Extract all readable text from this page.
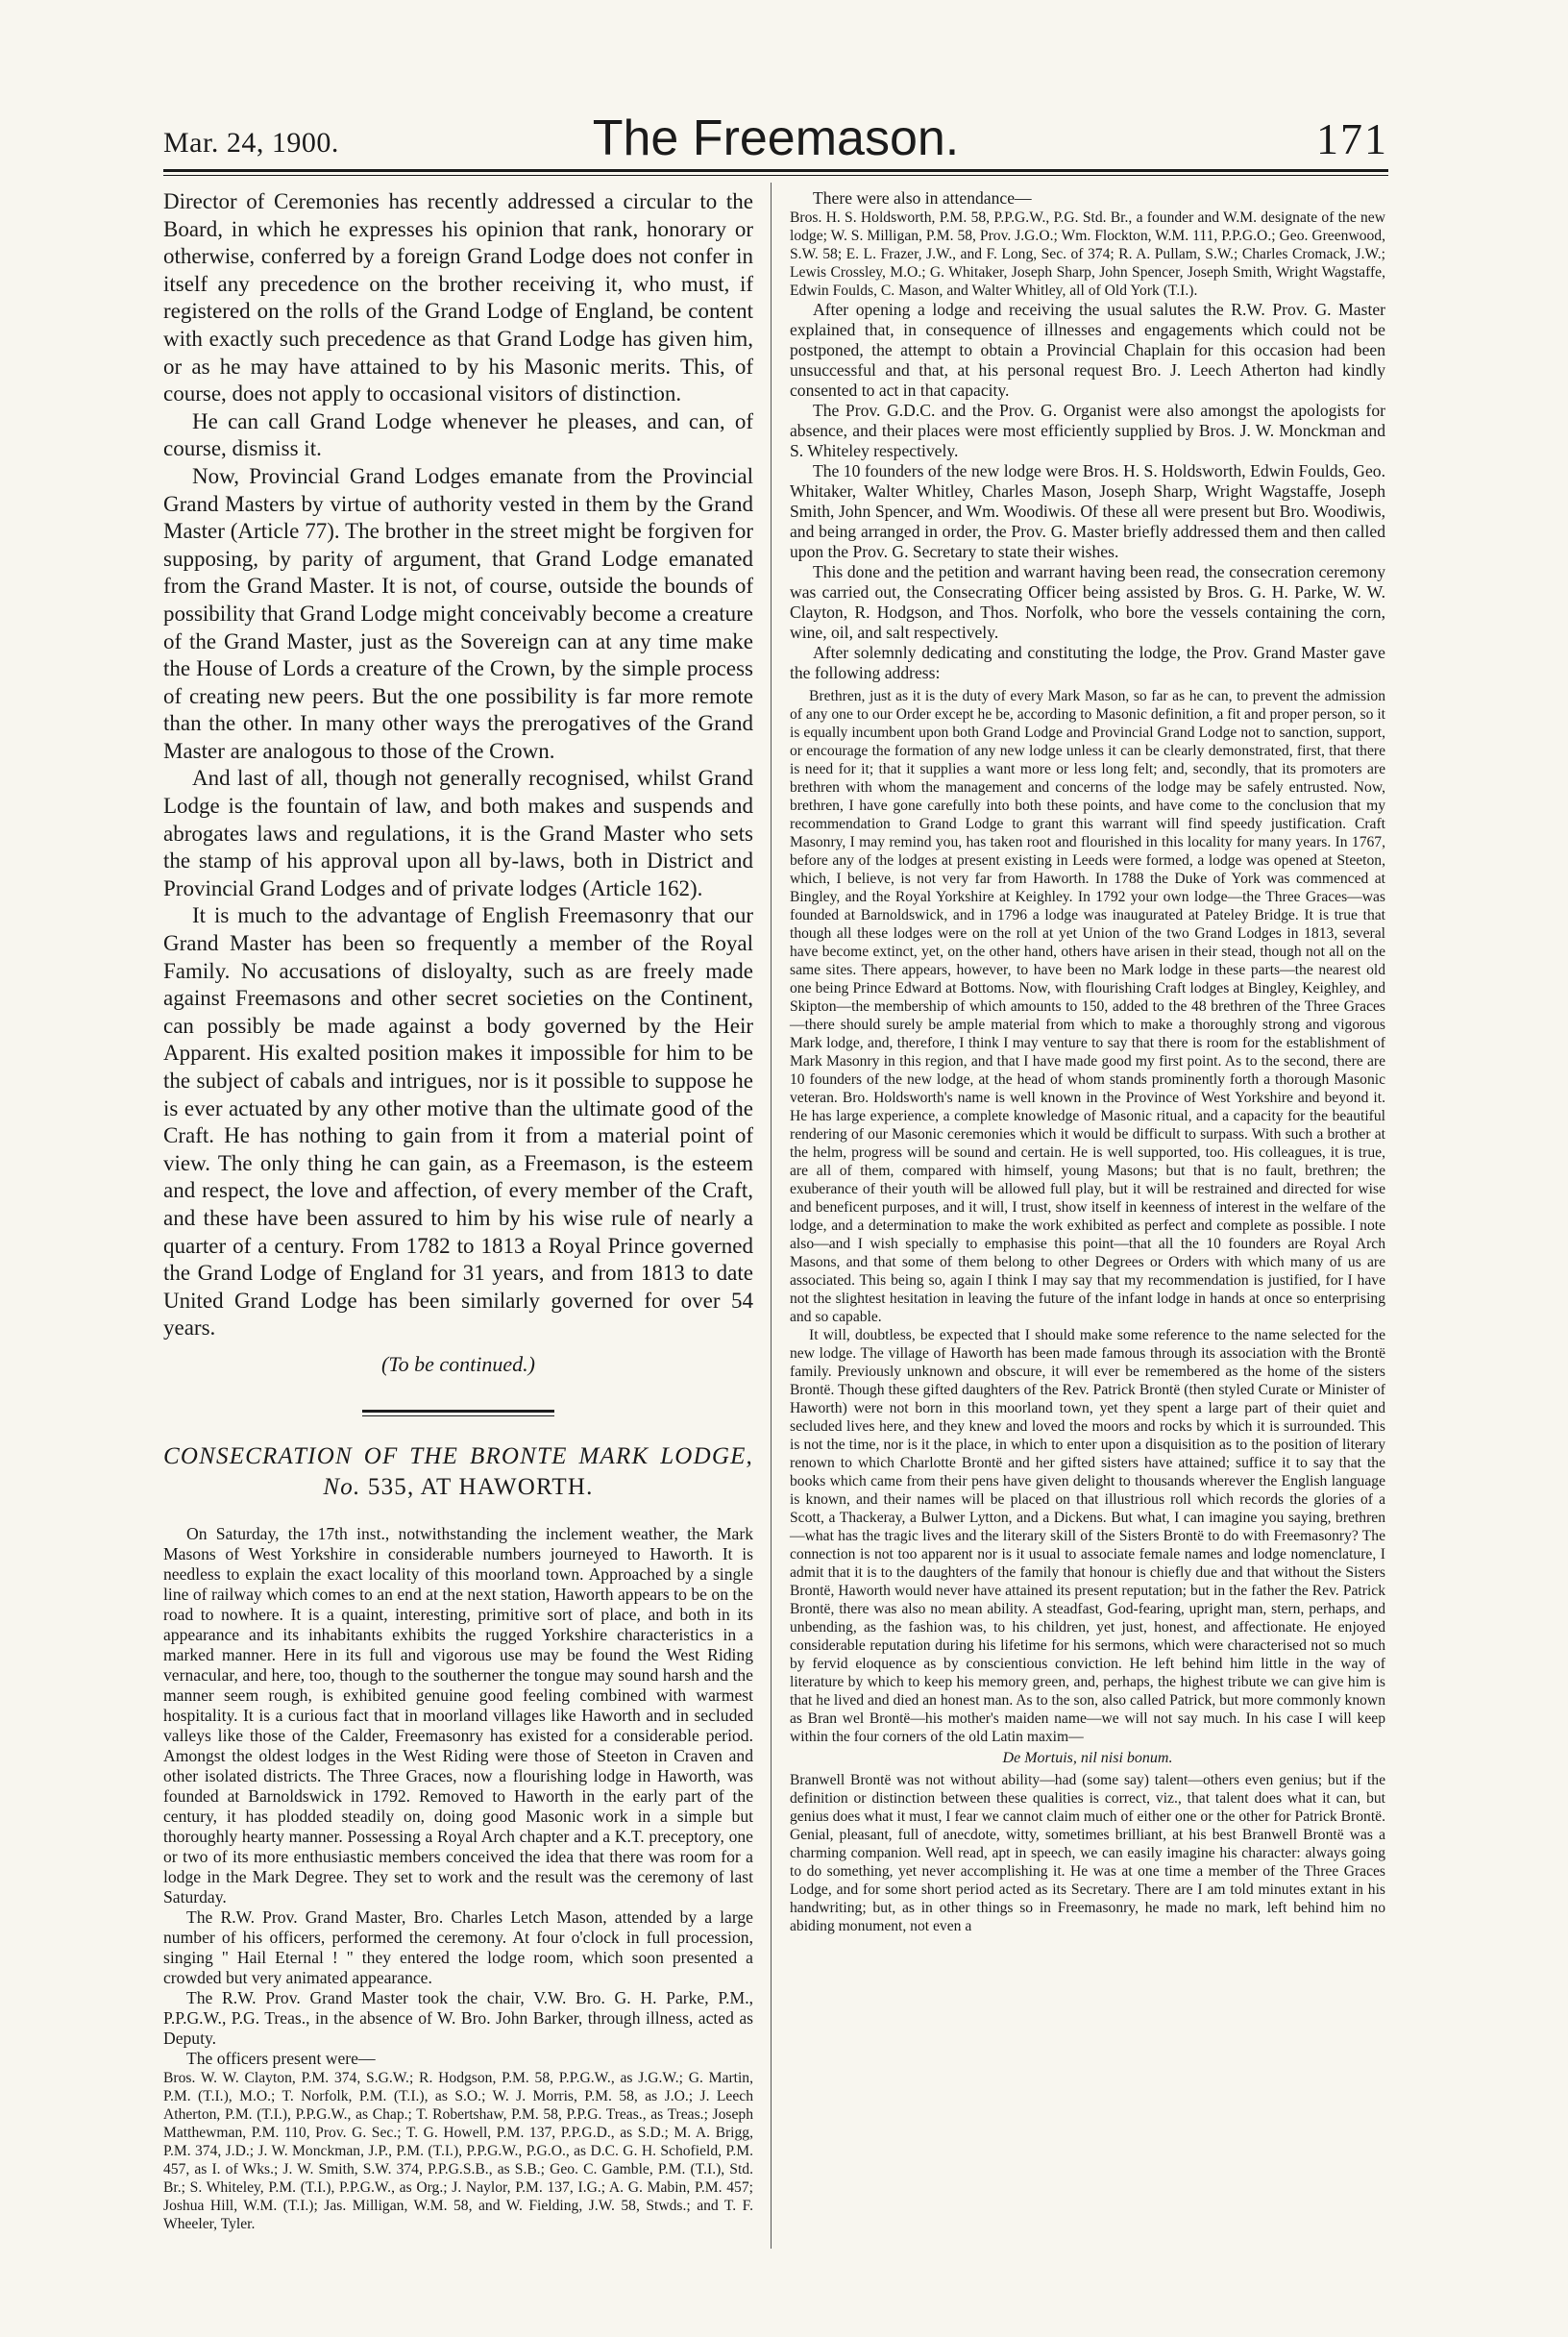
Mar. 24, 1900.	The Freemason.	171

Director of Ceremonies has recently addressed a circular to the Board, in which he expresses his opinion that rank, honorary or otherwise, conferred by a foreign Grand Lodge does not confer in itself any precedence on the brother receiving it, who must, if registered on the rolls of the Grand Lodge of England, be content with exactly such precedence as that Grand Lodge has given him, or as he may have attained to by his Masonic merits. This, of course, does not apply to occasional visitors of distinction.

He can call Grand Lodge whenever he pleases, and can, of course, dismiss it.

Now, Provincial Grand Lodges emanate from the Provincial Grand Masters by virtue of authority vested in them by the Grand Master (Article 77). The brother in the street might be forgiven for supposing, by parity of argument, that Grand Lodge emanated from the Grand Master. It is not, of course, outside the bounds of possibility that Grand Lodge might conceivably become a creature of the Grand Master, just as the Sovereign can at any time make the House of Lords a creature of the Crown, by the simple process of creating new peers. But the one possibility is far more remote than the other. In many other ways the prerogatives of the Grand Master are analogous to those of the Crown.

And last of all, though not generally recognised, whilst Grand Lodge is the fountain of law, and both makes and suspends and abrogates laws and regulations, it is the Grand Master who sets the stamp of his approval upon all by-laws, both in District and Provincial Grand Lodges and of private lodges (Article 162).

It is much to the advantage of English Freemasonry that our Grand Master has been so frequently a member of the Royal Family. No accusations of disloyalty, such as are freely made against Freemasons and other secret societies on the Continent, can possibly be made against a body governed by the Heir Apparent. His exalted position makes it impossible for him to be the subject of cabals and intrigues, nor is it possible to suppose he is ever actuated by any other motive than the ultimate good of the Craft. He has nothing to gain from it from a material point of view. The only thing he can gain, as a Freemason, is the esteem and respect, the love and affection, of every member of the Craft, and these have been assured to him by his wise rule of nearly a quarter of a century. From 1782 to 1813 a Royal Prince governed the Grand Lodge of England for 31 years, and from 1813 to date United Grand Lodge has been similarly governed for over 54 years.

(To be continued.)
CONSECRATION OF THE BRONTE MARK LODGE,
No. 535, AT HAWORTH.

On Saturday, the 17th inst., notwithstanding the inclement weather, the Mark Masons of West Yorkshire in considerable numbers journeyed to Haworth. It is needless to explain the exact locality of this moorland town. Approached by a single line of railway which comes to an end at the next station, Haworth appears to be on the road to nowhere. It is a quaint, interesting, primitive sort of place, and both in its appearance and its inhabitants exhibits the rugged Yorkshire characteristics in a marked manner. Here in its full and vigorous use may be found the West Riding vernacular, and here, too, though to the southerner the tongue may sound harsh and the manner seem rough, is exhibited genuine good feeling combined with warmest hospitality. It is a curious fact that in moorland villages like Haworth and in secluded valleys like those of the Calder, Freemasonry has existed for a considerable period. Amongst the oldest lodges in the West Riding were those of Steeton in Craven and other isolated districts. The Three Graces, now a flourishing lodge in Haworth, was founded at Barnoldswick in 1792. Removed to Haworth in the early part of the century, it has plodded steadily on, doing good Masonic work in a simple but thoroughly hearty manner. Possessing a Royal Arch chapter and a K.T. preceptory, one or two of its more enthusiastic members conceived the idea that there was room for a lodge in the Mark Degree. They set to work and the result was the ceremony of last Saturday.

The R.W. Prov. Grand Master, Bro. Charles Letch Mason, attended by a large number of his officers, performed the ceremony. At four o'clock in full procession, singing " Hail Eternal ! " they entered the lodge room, which soon presented a crowded but very animated appearance.

The R.W. Prov. Grand Master took the chair, V.W. Bro. G. H. Parke, P.M., P.P.G.W., P.G. Treas., in the absence of W. Bro. John Barker, through illness, acted as Deputy.

The officers present were—

Bros. W. W. Clayton, P.M. 374, S.G.W.; R. Hodgson, P.M. 58, P.P.G.W., as J.G.W.; G. Martin, P.M. (T.I.), M.O.; T. Norfolk, P.M. (T.I.), as S.O.; W. J. Morris, P.M. 58, as J.O.; J. Leech Atherton, P.M. (T.I.), P.P.G.W., as Chap.; T. Robertshaw, P.M. 58, P.P.G. Treas., as Treas.; Joseph Matthewman, P.M. 110, Prov. G. Sec.; T. G. Howell, P.M. 137, P.P.G.D., as S.D.; M. A. Brigg, P.M. 374, J.D.; J. W. Monckman, J.P., P.M. (T.I.), P.P.G.W., P.G.O., as D.C. G. H. Schofield, P.M. 457, as I. of Wks.; J. W. Smith, S.W. 374, P.P.G.S.B., as S.B.; Geo. C. Gamble, P.M. (T.I.), Std. Br.; S. Whiteley, P.M. (T.I.), P.P.G.W., as Org.; J. Naylor, P.M. 137, I.G.; A. G. Mabin, P.M. 457; Joshua Hill, W.M. (T.I.); Jas. Milligan, W.M. 58, and W. Fielding, J.W. 58, Stwds.; and T. F. Wheeler, Tyler.

There were also in attendance—

Bros. H. S. Holdsworth, P.M. 58, P.P.G.W., P.G. Std. Br., a founder and W.M. designate of the new lodge; W. S. Milligan, P.M. 58, Prov. J.G.O.; Wm. Flockton, W.M. 111, P.P.G.O.; Geo. Greenwood, S.W. 58; E. L. Frazer, J.W., and F. Long, Sec. of 374; R. A. Pullam, S.W.; Charles Cromack, J.W.; Lewis Crossley, M.O.; G. Whitaker, Joseph Sharp, John Spencer, Joseph Smith, Wright Wagstaffe, Edwin Foulds, C. Mason, and Walter Whitley, all of Old York (T.I.).

After opening a lodge and receiving the usual salutes the R.W. Prov. G. Master explained that, in consequence of illnesses and engagements which could not be postponed, the attempt to obtain a Provincial Chaplain for this occasion had been unsuccessful and that, at his personal request Bro. J. Leech Atherton had kindly consented to act in that capacity.

The Prov. G.D.C. and the Prov. G. Organist were also amongst the apologists for absence, and their places were most efficiently supplied by Bros. J. W. Monckman and S. Whiteley respectively.

The 10 founders of the new lodge were Bros. H. S. Holdsworth, Edwin Foulds, Geo. Whitaker, Walter Whitley, Charles Mason, Joseph Sharp, Wright Wagstaffe, Joseph Smith, John Spencer, and Wm. Woodiwis. Of these all were present but Bro. Woodiwis, and being arranged in order, the Prov. G. Master briefly addressed them and then called upon the Prov. G. Secretary to state their wishes.

This done and the petition and warrant having been read, the consecration ceremony was carried out, the Consecrating Officer being assisted by Bros. G. H. Parke, W. W. Clayton, R. Hodgson, and Thos. Norfolk, who bore the vessels containing the corn, wine, oil, and salt respectively.

After solemnly dedicating and constituting the lodge, the Prov. Grand Master gave the following address:

Brethren, just as it is the duty of every Mark Mason, so far as he can, to prevent the admission of any one to our Order except he be, according to Masonic definition, a fit and proper person, so it is equally incumbent upon both Grand Lodge and Provincial Grand Lodge not to sanction, support, or encourage the formation of any new lodge unless it can be clearly demonstrated, first, that there is need for it; that it supplies a want more or less long felt; and, secondly, that its promoters are brethren with whom the management and concerns of the lodge may be safely entrusted. Now, brethren, I have gone carefully into both these points, and have come to the conclusion that my recommendation to Grand Lodge to grant this warrant will find speedy justification. Craft Masonry, I may remind you, has taken root and flourished in this locality for many years. In 1767, before any of the lodges at present existing in Leeds were formed, a lodge was opened at Steeton, which, I believe, is not very far from Haworth. In 1788 the Duke of York was commenced at Bingley, and the Royal Yorkshire at Keighley. In 1792 your own lodge—the Three Graces—was founded at Barnoldswick, and in 1796 a lodge was inaugurated at Pateley Bridge. It is true that though all these lodges were on the roll at yet Union of the two Grand Lodges in 1813, several have become extinct, yet, on the other hand, others have arisen in their stead, though not all on the same sites. There appears, however, to have been no Mark lodge in these parts—the nearest old one being Prince Edward at Bottoms. Now, with flourishing Craft lodges at Bingley, Keighley, and Skipton—the membership of which amounts to 150, added to the 48 brethren of the Three Graces—there should surely be ample material from which to make a thoroughly strong and vigorous Mark lodge, and, therefore, I think I may venture to say that there is room for the establishment of Mark Masonry in this region, and that I have made good my first point. As to the second, there are 10 founders of the new lodge, at the head of whom stands prominently forth a thorough Masonic veteran. Bro. Holdsworth's name is well known in the Province of West Yorkshire and beyond it. He has large experience, a complete knowledge of Masonic ritual, and a capacity for the beautiful rendering of our Masonic ceremonies which it would be difficult to surpass. With such a brother at the helm, progress will be sound and certain. He is well supported, too. His colleagues, it is true, are all of them, compared with himself, young Masons; but that is no fault, brethren; the exuberance of their youth will be allowed full play, but it will be restrained and directed for wise and beneficent purposes, and it will, I trust, show itself in keenness of interest in the welfare of the lodge, and a determination to make the work exhibited as perfect and complete as possible. I note also—and I wish specially to emphasise this point—that all the 10 founders are Royal Arch Masons, and that some of them belong to other Degrees or Orders with which many of us are associated. This being so, again I think I may say that my recommendation is justified, for I have not the slightest hesitation in leaving the future of the infant lodge in hands at once so enterprising and so capable.

It will, doubtless, be expected that I should make some reference to the name selected for the new lodge. The village of Haworth has been made famous through its association with the Brontë family. Previously unknown and obscure, it will ever be remembered as the home of the sisters Brontë. Though these gifted daughters of the Rev. Patrick Brontë (then styled Curate or Minister of Haworth) were not born in this moorland town, yet they spent a large part of their quiet and secluded lives here, and they knew and loved the moors and rocks by which it is surrounded. This is not the time, nor is it the place, in which to enter upon a disquisition as to the position of literary renown to which Charlotte Brontë and her gifted sisters have attained; suffice it to say that the books which came from their pens have given delight to thousands wherever the English language is known, and their names will be placed on that illustrious roll which records the glories of a Scott, a Thackeray, a Bulwer Lytton, and a Dickens. But what, I can imagine you saying, brethren—what has the tragic lives and the literary skill of the Sisters Brontë to do with Freemasonry? The connection is not too apparent nor is it usual to associate female names and lodge nomenclature, I admit that it is to the daughters of the family that honour is chiefly due and that without the Sisters Brontë, Haworth would never have attained its present reputation; but in the father the Rev. Patrick Brontë, there was also no mean ability. A steadfast, God-fearing, upright man, stern, perhaps, and unbending, as the fashion was, to his children, yet just, honest, and affectionate. He enjoyed considerable reputation during his lifetime for his sermons, which were characterised not so much by fervid eloquence as by conscientious conviction. He left behind him little in the way of literature by which to keep his memory green, and, perhaps, the highest tribute we can give him is that he lived and died an honest man. As to the son, also called Patrick, but more commonly known as Bran wel Brontë—his mother's maiden name—we will not say much. In his case I will keep within the four corners of the old Latin maxim—

De Mortuis, nil nisi bonum.

Branwell Brontë was not without ability—had (some say) talent—others even genius; but if the definition or distinction between these qualities is correct, viz., that talent does what it can, but genius does what it must, I fear we cannot claim much of either one or the other for Patrick Brontë. Genial, pleasant, full of anecdote, witty, sometimes brilliant, at his best Branwell Brontë was a charming companion. Well read, apt in speech, we can easily imagine his character: always going to do something, yet never accomplishing it. He was at one time a member of the Three Graces Lodge, and for some short period acted as its Secretary. There are I am told minutes extant in his handwriting; but, as in other things so in Freemasonry, he made no mark, left behind him no abiding monument, not even a
